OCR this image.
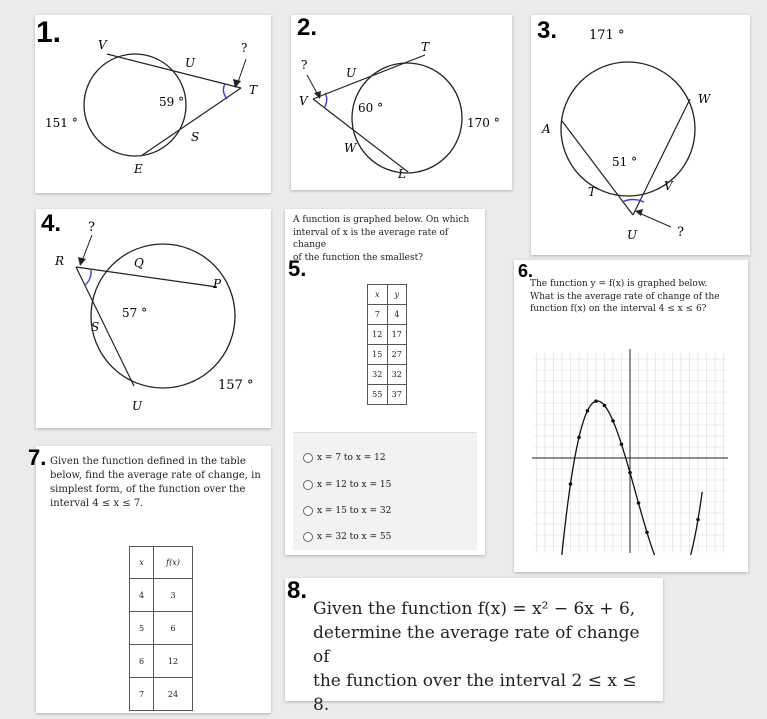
1.	V
U
?
T
S
E
151 °
59 °
2.
?
V
U
T
W
L
60 °
170 °
3. 171 °
A
W
51 °
T	V
U	?
4. ?
R	Q
P
S
57 °
157 °
U
A function is graphed below. On which
interval of x is the average rate of change
of the function the smallest?
5.
x	y
7	4
12	17
15	27
32	32
55	37
x = 7 to x = 12
x = 12 to x = 15
x = 15 to x = 32
x = 32 to x = 55
6.
The function y = f(x) is graphed below.
What is the average rate of change of the
function f(x) on the interval 4 ≤ x ≤ 6?
7. Given the function defined in the table
below, find the average rate of change, in
simplest form, of the function over the
interval 4 ≤ x ≤ 7.
x	f(x)
4	3
5	6
6	12
7	24
8.
Given the function f(x) = x² − 6x + 6,
determine the average rate of change of
the function over the interval 2 ≤ x ≤ 8.
